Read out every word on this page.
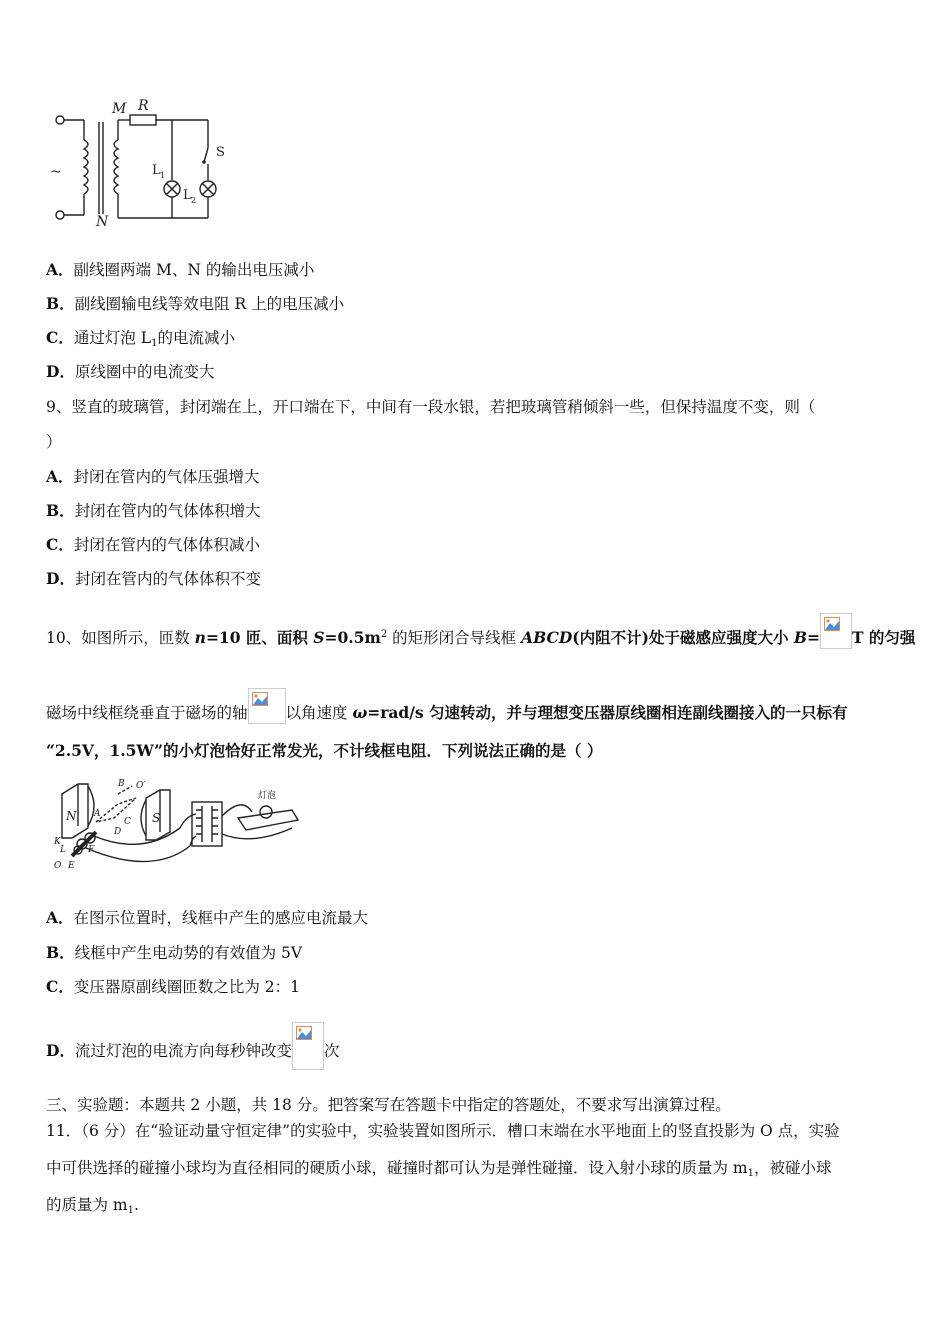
M R
S
L 1
L 2
N
~
A．副线圈两端 M、N 的输出电压减小
B．副线圈输电线等效电阻 R 上的电压减小
C．通过灯泡 $L_1$的电流减小
D．原线圈中的电流变大
9、竖直的玻璃管，封闭端在上，开口端在下，中间有一段水银，若把玻璃管稍倾斜一些，但保持温度不变，则（
）
A．封闭在管内的气体压强增大
B．封闭在管内的气体体积增大
C．封闭在管内的气体体积减小
D．封闭在管内的气体体积不变
10、如图所示，匝数 n=10 匝、面积 $S=0.5m^2$ 的矩形闭合导线框 ABCD(内阻不计)处于磁感应强度大小 B= T 的匀强
磁场中线框绕垂直于磁场的轴 以角速度 ω=rad/s 匀速转动，并与理想变压器原线圈相连副线圈接入的一只标有
“2.5V，1.5W”的小灯泡恰好正常发光，不计线框电阻．下列说法正确的是（ ）
N	S
A
B
C
D
O′
K
L
O E
F
灯泡
A．在图示位置时，线框中产生的感应电流最大
B．线框中产生电动势的有效值为 5V
C．变压器原副线圈匝数之比为 2：1
D．流过灯泡的电流方向每秒钟改变 次
三、实验题：本题共 2 小题，共 18 分。把答案写在答题卡中指定的答题处，不要求写出演算过程。
11．（6 分）在“验证动量守恒定律”的实验中，实验装置如图所示．槽口末端在水平地面上的竖直投影为 O 点，实验
中可供选择的碰撞小球均为直径相同的硬质小球，碰撞时都可认为是弹性碰撞．设入射小球的质量为 $m_1$，被碰小球
的质量为 $m_1$.
